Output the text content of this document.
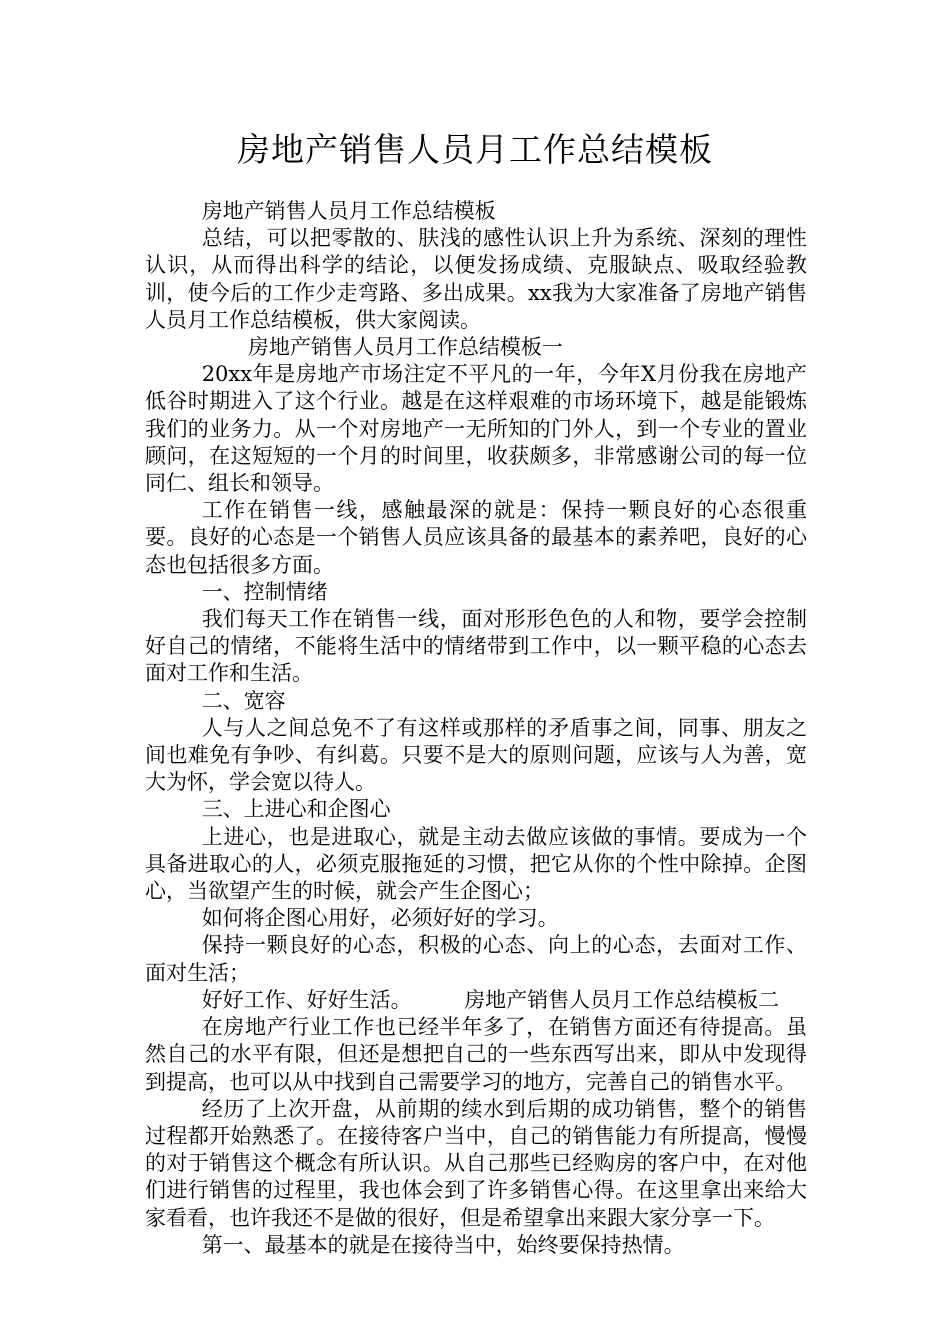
房地产销售人员月工作总结模板

房地产销售人员月工作总结模板

总结，可以把零散的、肤浅的感性认识上升为系统、深刻的理性认识，从而得出科学的结论，以便发扬成绩、克服缺点、吸取经验教训，使今后的工作少走弯路、多出成果。xx我为大家准备了房地产销售人员月工作总结模板，供大家阅读。

房地产销售人员月工作总结模板一

20xx年是房地产市场注定不平凡的一年，今年X月份我在房地产低谷时期进入了这个行业。越是在这样艰难的市场环境下，越是能锻炼我们的业务力。从一个对房地产一无所知的门外人，到一个专业的置业顾问，在这短短的一个月的时间里，收获颇多，非常感谢公司的每一位同仁、组长和领导。

工作在销售一线，感触最深的就是：保持一颗良好的心态很重要。良好的心态是一个销售人员应该具备的最基本的素养吧，良好的心态也包括很多方面。

一、控制情绪

我们每天工作在销售一线，面对形形色色的人和物，要学会控制好自己的情绪，不能将生活中的情绪带到工作中，以一颗平稳的心态去面对工作和生活。

二、宽容

人与人之间总免不了有这样或那样的矛盾事之间，同事、朋友之间也难免有争吵、有纠葛。只要不是大的原则问题，应该与人为善，宽大为怀，学会宽以待人。

三、上进心和企图心

上进心，也是进取心，就是主动去做应该做的事情。要成为一个具备进取心的人，必须克服拖延的习惯，把它从你的个性中除掉。企图心，当欲望产生的时候，就会产生企图心；

如何将企图心用好，必须好好的学习。

保持一颗良好的心态，积极的心态、向上的心态，去面对工作、面对生活；

好好工作、好好生活。	房地产销售人员月工作总结模板二

在房地产行业工作也已经半年多了，在销售方面还有待提高。虽然自己的水平有限，但还是想把自己的一些东西写出来，即从中发现得到提高，也可以从中找到自己需要学习的地方，完善自己的销售水平。

经历了上次开盘，从前期的续水到后期的成功销售，整个的销售过程都开始熟悉了。在接待客户当中，自己的销售能力有所提高，慢慢的对于销售这个概念有所认识。从自己那些已经购房的客户中，在对他们进行销售的过程里，我也体会到了许多销售心得。在这里拿出来给大家看看，也许我还不是做的很好，但是希望拿出来跟大家分享一下。

第一、最基本的就是在接待当中，始终要保持热情。
